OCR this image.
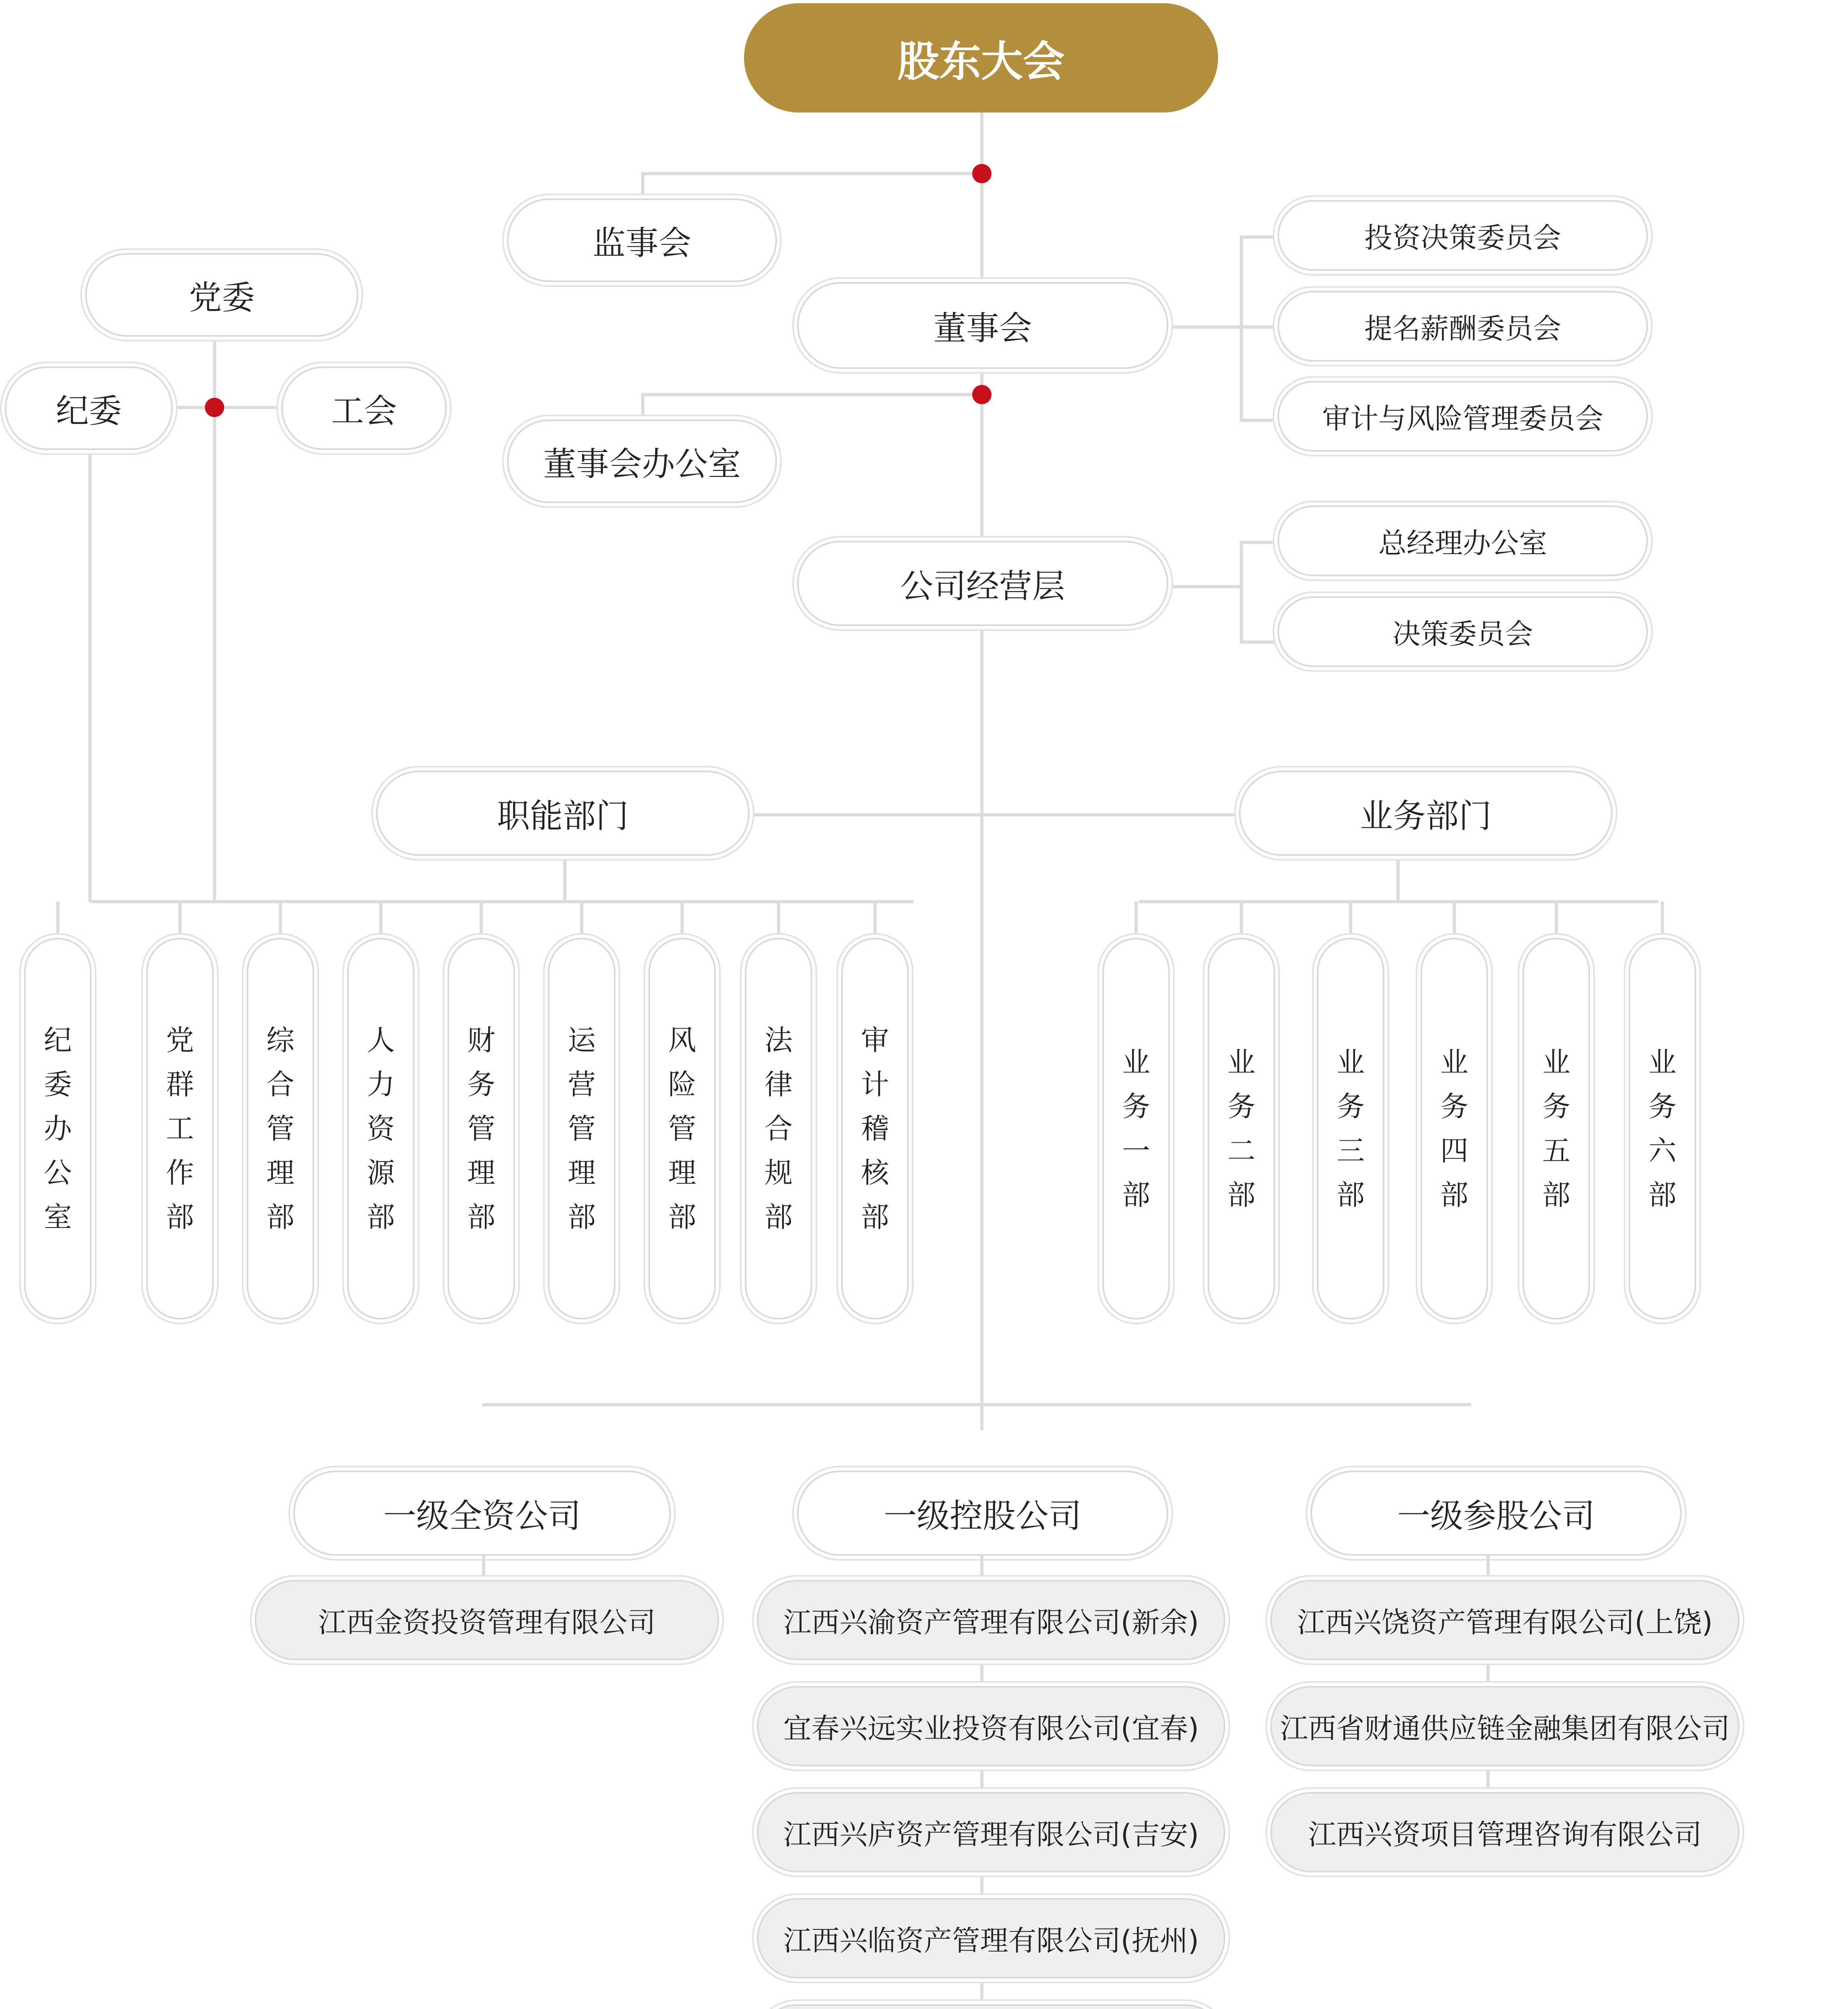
股东大会
监事会
董事会
董事会办公室
投资决策委员会
提名薪酬委员会
审计与风险管理委员会
党委
纪委	工会
公司经营层
总经理办公室
决策委员会
职能部门	业务部门
一级全资公司	一级控股公司	一级参股公司
纪委办公室
党群工作部
综合管理部
人力资源部
财务管理部
运营管理部
风险管理部
法律合规部
审计稽核部
业务一部
业务二部
业务三部
业务四部
业务五部
业务六部
江西金资投资管理有限公司	江西兴渝资产管理有限公司(新余)
宜春兴远实业投资有限公司(宜春)
江西兴庐资产管理有限公司(吉安)
江西兴临资产管理有限公司(抚州)
江西兴饶资产管理有限公司(上饶)
江西省财通供应链金融集团有限公司
江西兴资项目管理咨询有限公司
